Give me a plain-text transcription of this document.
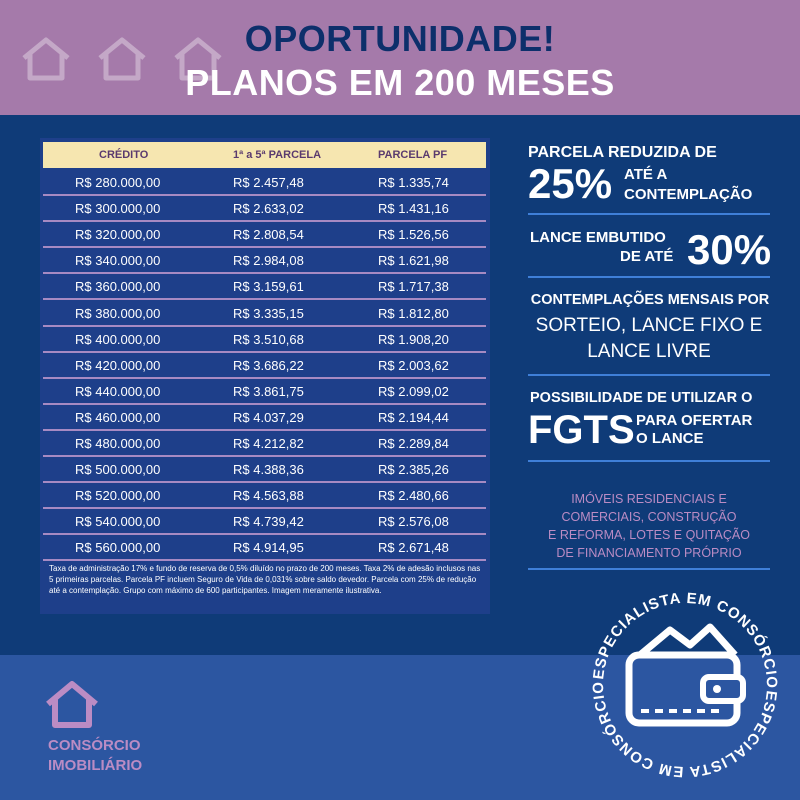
OPORTUNIDADE!
PLANOS EM 200 MESES
CRÉDITO	1ª a 5ª PARCELA	PARCELA PF
R$ 280.000,00	R$ 2.457,48	R$ 1.335,74
R$ 300.000,00	R$ 2.633,02	R$ 1.431,16
R$ 320.000,00	R$ 2.808,54	R$ 1.526,56
R$ 340.000,00	R$ 2.984,08	R$ 1.621,98
R$ 360.000,00	R$ 3.159,61	R$ 1.717,38
R$ 380.000,00	R$ 3.335,15	R$ 1.812,80
R$ 400.000,00	R$ 3.510,68	R$ 1.908,20
R$ 420.000,00	R$ 3.686,22	R$ 2.003,62
R$ 440.000,00	R$ 3.861,75	R$ 2.099,02
R$ 460.000,00	R$ 4.037,29	R$ 2.194,44
R$ 480.000,00	R$ 4.212,82	R$ 2.289,84
R$ 500.000,00	R$ 4.388,36	R$ 2.385,26
R$ 520.000,00	R$ 4.563,88	R$ 2.480,66
R$ 540.000,00	R$ 4.739,42	R$ 2.576,08
R$ 560.000,00	R$ 4.914,95	R$ 2.671,48
Taxa de administração 17% e fundo de reserva de 0,5% diluído no prazo de 200 meses. Taxa 2% de adesão inclusos nas 5 primeiras parcelas. Parcela PF incluem Seguro de Vida de 0,031% sobre saldo devedor. Parcela com 25% de redução até a contemplação. Grupo com máximo de 600 participantes. Imagem meramente ilustrativa.
PARCELA REDUZIDA DE
25% ATÉ A
CONTEMPLAÇÃO
LANCE EMBUTIDO
DE ATÉ 30%
CONTEMPLAÇÕES MENSAIS POR
SORTEIO, LANCE FIXO E
LANCE LIVRE
POSSIBILIDADE DE UTILIZAR O
FGTS PARA OFERTAR
O LANCE
IMÓVEIS RESIDENCIAIS E
COMERCIAIS, CONSTRUÇÃO
E REFORMA, LOTES E QUITAÇÃO
DE FINANCIAMENTO PRÓPRIO
CONSÓRCIO
IMOBILIÁRIO
ESPECIALISTA EM CONSÓRCIO
ESPECIALISTA EM CONSÓRCIO
